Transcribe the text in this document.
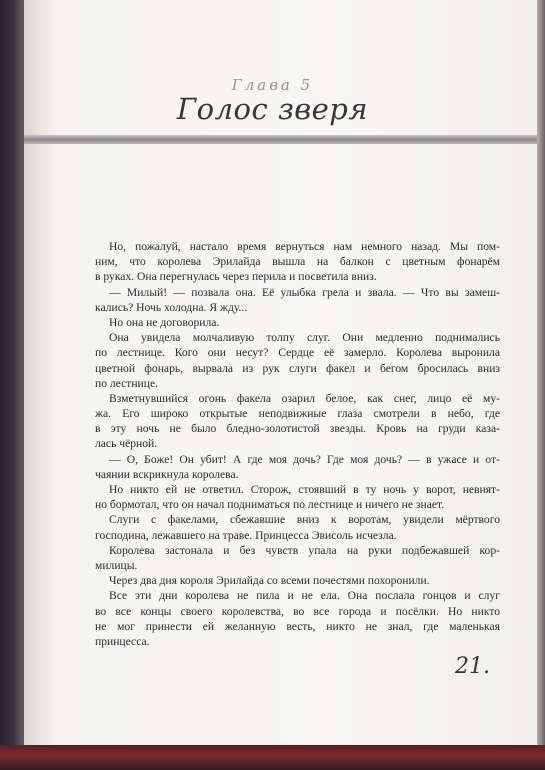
Глава 5
Голос зверя
Но, пожалуй, настало время вернуться нам немного назад. Мы пом-
ним, что королева Эрилайда вышла на балкон с цветным фонарём
в руках. Она перегнулась через перила и посветила вниз.
— Милый! — позвала она. Её улыбка грела и звала. — Что вы замеш-
кались? Ночь холодна. Я жду...
Но она не договорила.
Она увидела молчаливую толпу слуг. Они медленно поднимались
по лестнице. Кого они несут? Сердце её замерло. Королева выронила
цветной фонарь, вырвала из рук слуги факел и бегом бросилась вниз
по лестнице.
Взметнувшийся огонь факела озарил белое, как снег, лицо её му-
жа. Его широко открытые неподвижные глаза смотрели в небо, где
в эту ночь не было бледно-золотистой звезды. Кровь на груди каза-
лась чёрной.
— О, Боже! Он убит! А где моя дочь? Где моя дочь? — в ужасе и от-
чаянии вскрикнула королева.
Но никто ей не ответил. Сторож, стоявший в ту ночь у ворот, невнят-
но бормотал, что он начал подниматься по лестнице и ничего не знает.
Слуги с факелами, сбежавшие вниз к воротам, увидели мёртвого
господина, лежавшего на траве. Принцесса Эвисоль исчезла.
Королева застонала и без чувств упала на руки подбежавшей кор-
милицы.
Через два дня короля Эрилайда со всеми почестями похоронили.
Все эти дни королева не пила и не ела. Она послала гонцов и слуг
во все концы своего королевства, во все города и посёлки. Но никто
не мог принести ей желанную весть, никто не знал, где маленькая
принцесса.
21.
